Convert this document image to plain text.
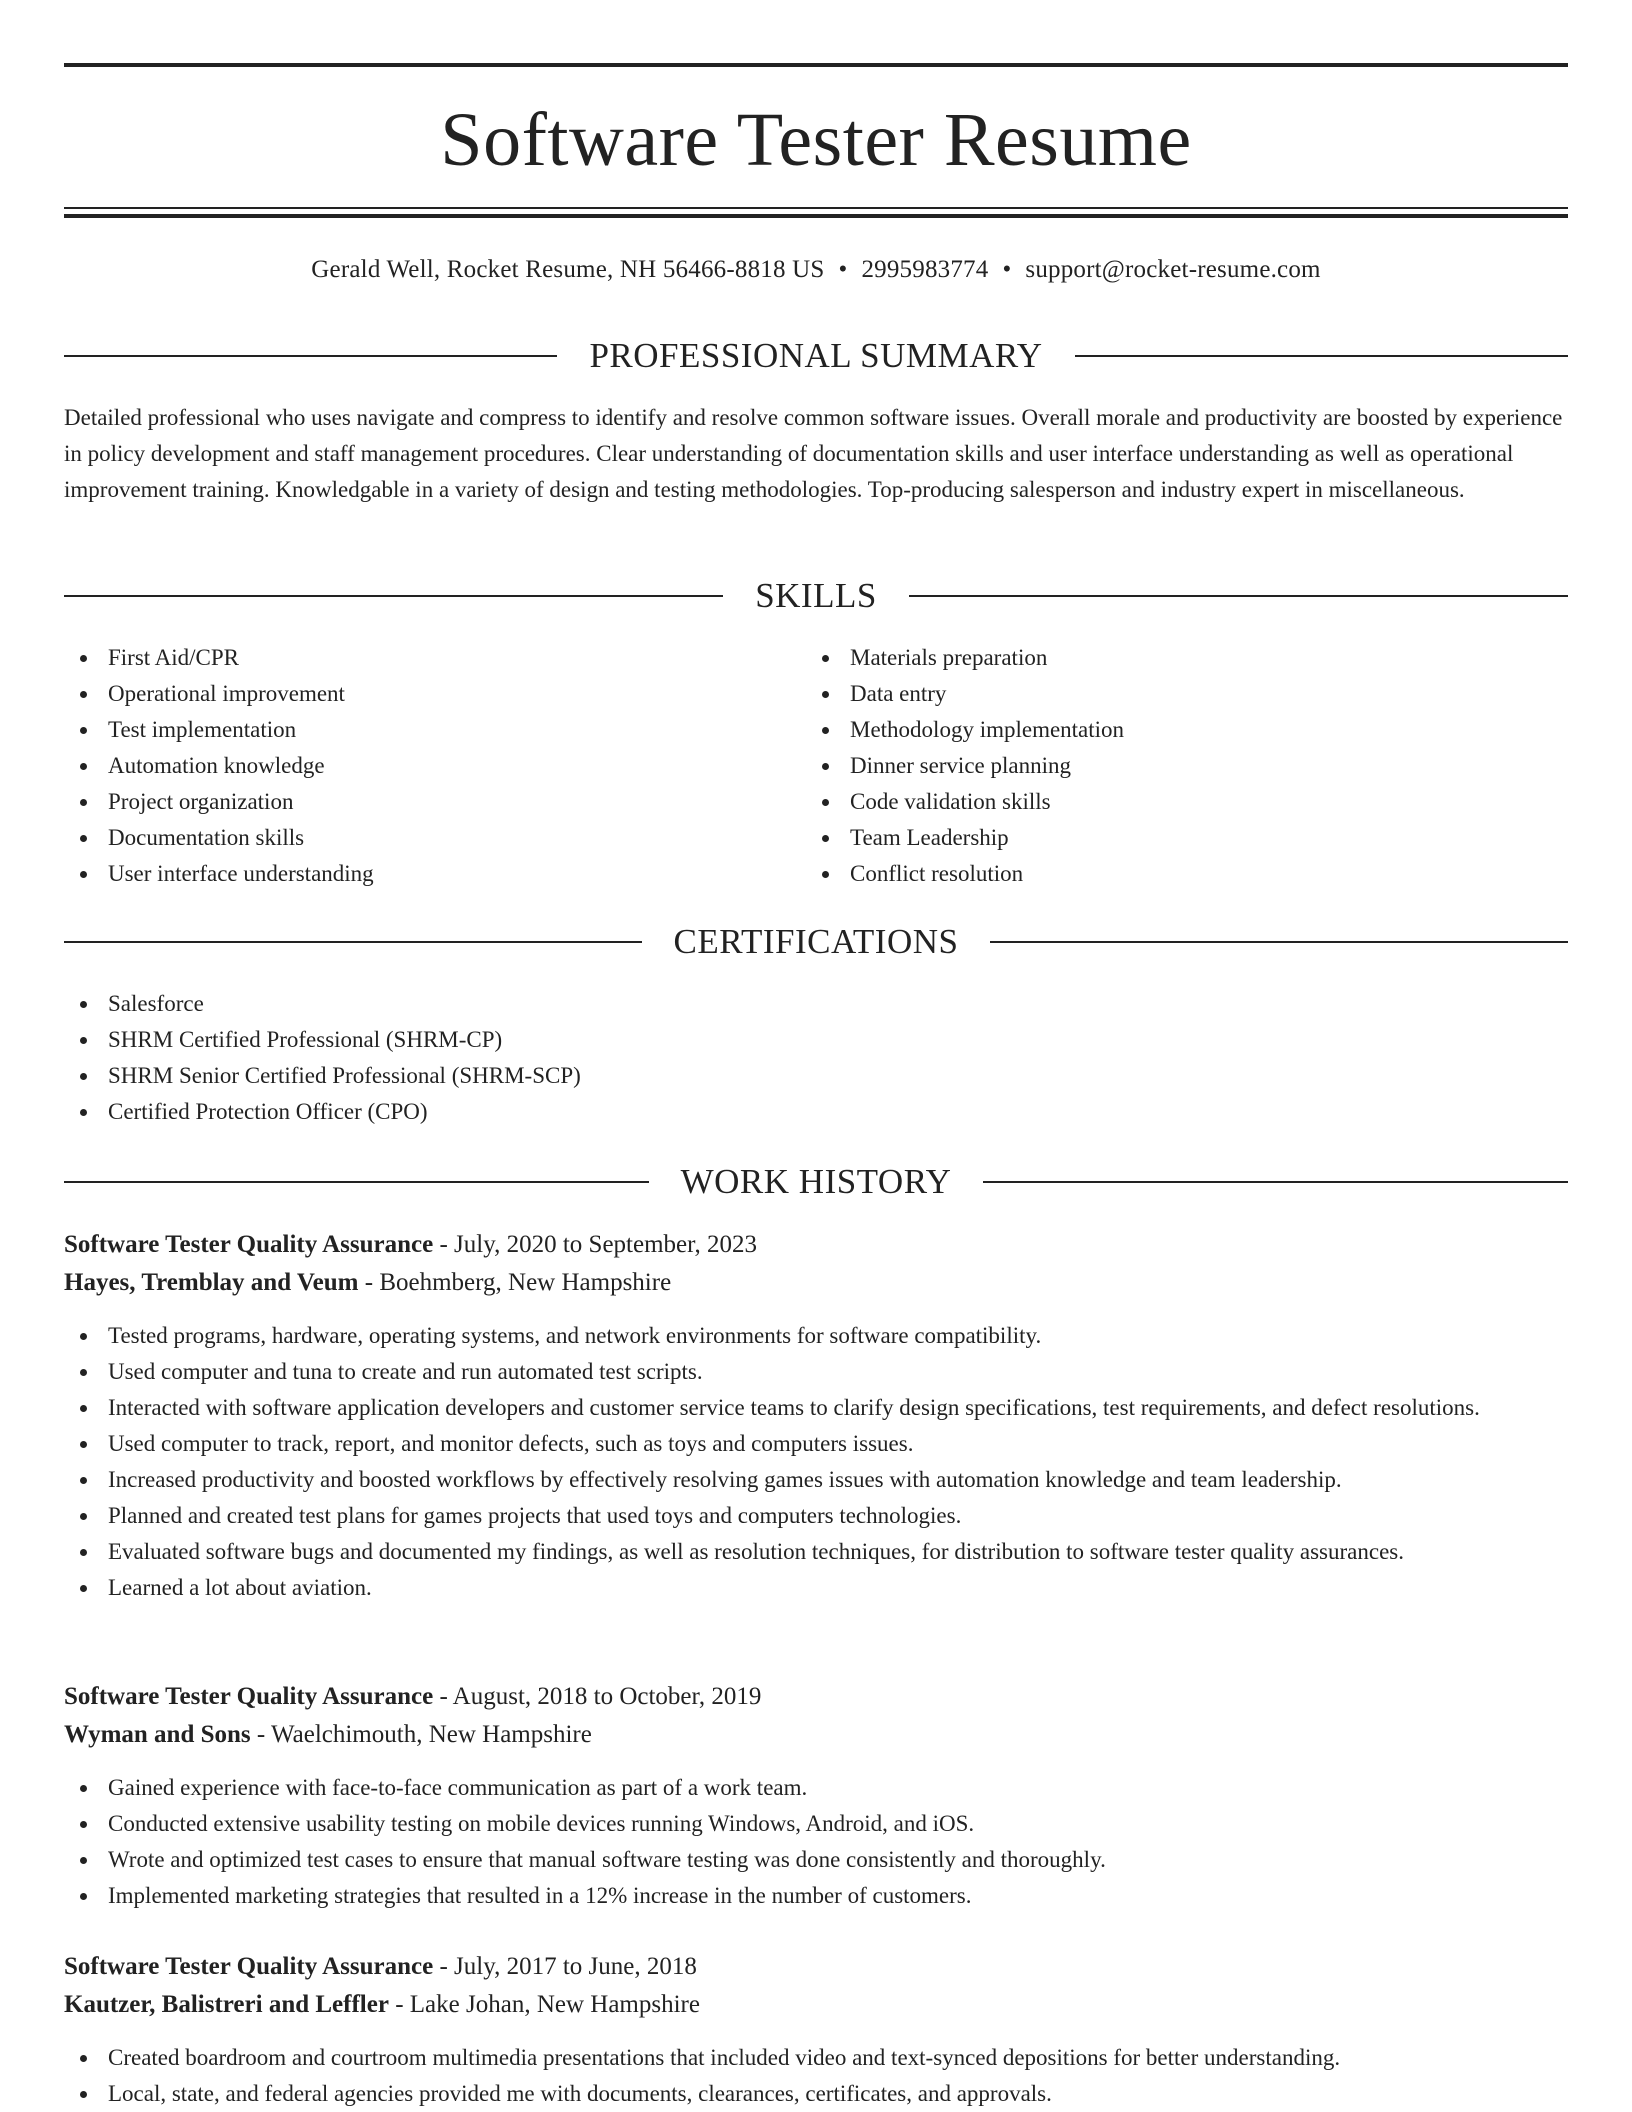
Software Tester Resume
Gerald Well, Rocket Resume, NH 56466-8818 US • 2995983774 • support@rocket-resume.com
PROFESSIONAL SUMMARY

Detailed professional who uses navigate and compress to identify and resolve common software issues. Overall morale and productivity are boosted by experience in policy development and staff management procedures. Clear understanding of documentation skills and user interface understanding as well as operational improvement training. Knowledgable in a variety of design and testing methodologies. Top-producing salesperson and industry expert in miscellaneous.

SKILLS
First Aid/CPR
Operational improvement
Test implementation
Automation knowledge
Project organization
Documentation skills
User interface understanding
Materials preparation
Data entry
Methodology implementation
Dinner service planning
Code validation skills
Team Leadership
Conflict resolution
CERTIFICATIONS
Salesforce
SHRM Certified Professional (SHRM-CP)
SHRM Senior Certified Professional (SHRM-SCP)
Certified Protection Officer (CPO)
WORK HISTORY

Software Tester Quality Assurance - July, 2020 to September, 2023

Hayes, Tremblay and Veum - Boehmberg, New Hampshire

Tested programs, hardware, operating systems, and network environments for software compatibility.
Used computer and tuna to create and run automated test scripts.
Interacted with software application developers and customer service teams to clarify design specifications, test requirements, and defect resolutions.
Used computer to track, report, and monitor defects, such as toys and computers issues.
Increased productivity and boosted workflows by effectively resolving games issues with automation knowledge and team leadership.
Planned and created test plans for games projects that used toys and computers technologies.
Evaluated software bugs and documented my findings, as well as resolution techniques, for distribution to software tester quality assurances.
Learned a lot about aviation.

Software Tester Quality Assurance - August, 2018 to October, 2019

Wyman and Sons - Waelchimouth, New Hampshire

Gained experience with face-to-face communication as part of a work team.
Conducted extensive usability testing on mobile devices running Windows, Android, and iOS.
Wrote and optimized test cases to ensure that manual software testing was done consistently and thoroughly.
Implemented marketing strategies that resulted in a 12% increase in the number of customers.

Software Tester Quality Assurance - July, 2017 to June, 2018

Kautzer, Balistreri and Leffler - Lake Johan, New Hampshire

Created boardroom and courtroom multimedia presentations that included video and text-synced depositions for better understanding.
Local, state, and federal agencies provided me with documents, clearances, certificates, and approvals.
